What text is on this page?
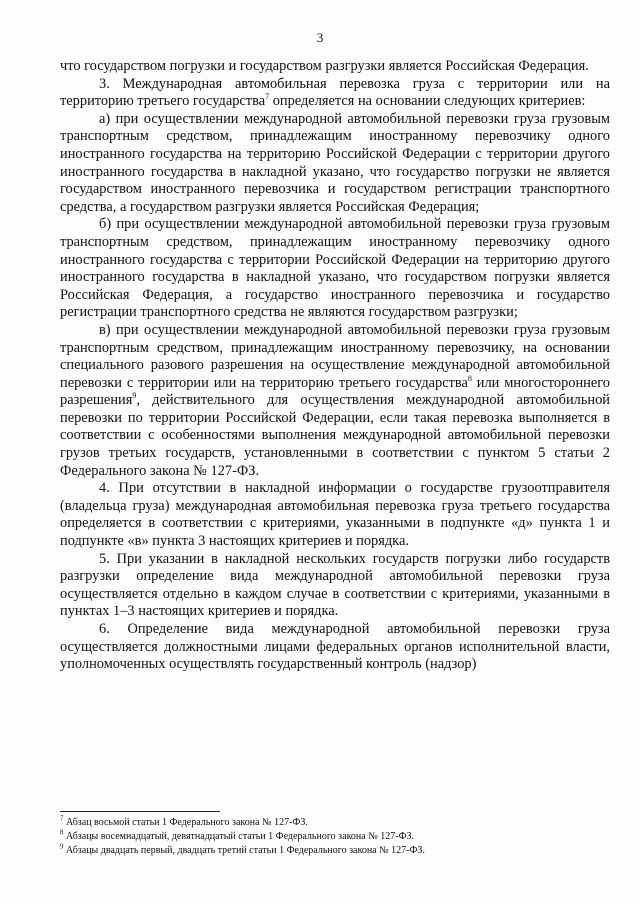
3

что государством погрузки и государством разгрузки является Российская Федерация.

3. Международная автомобильная перевозка груза с территории или на территорию третьего государства$^7$ определяется на основании следующих критериев:

а) при осуществлении международной автомобильной перевозки груза грузовым транспортным средством, принадлежащим иностранному перевозчику одного иностранного государства на территорию Российской Федерации с территории другого иностранного государства в накладной указано, что государство погрузки не является государством иностранного перевозчика и государством регистрации транспортного средства, а государством разгрузки является Российская Федерация;

б) при осуществлении международной автомобильной перевозки груза грузовым транспортным средством, принадлежащим иностранному перевозчику одного иностранного государства с территории Российской Федерации на территорию другого иностранного государства в накладной указано, что государством погрузки является Российская Федерация, а государство иностранного перевозчика и государство регистрации транспортного средства не являются государством разгрузки;

в) при осуществлении международной автомобильной перевозки груза грузовым транспортным средством, принадлежащим иностранному перевозчику, на основании специального разового разрешения на осуществление международной автомобильной перевозки с территории или на территорию третьего государства$^8$ или многостороннего разрешения$^9$, действительного для осуществления международной автомобильной перевозки по территории Российской Федерации, если такая перевозка выполняется в соответствии с особенностями выполнения международной автомобильной перевозки грузов третьих государств, установленными в соответствии с пунктом 5 статьи 2 Федерального закона № 127-ФЗ.

4. При отсутствии в накладной информации о государстве грузоотправителя (владельца груза) международная автомобильная перевозка груза третьего государства определяется в соответствии с критериями, указанными в подпункте «д» пункта 1 и подпункте «в» пункта 3 настоящих критериев и порядка.

5. При указании в накладной нескольких государств погрузки либо государств разгрузки определение вида международной автомобильной перевозки груза осуществляется отдельно в каждом случае в соответствии с критериями, указанными в пунктах 1–3 настоящих критериев и порядка.

6. Определение вида международной автомобильной перевозки груза осуществляется должностными лицами федеральных органов исполнительной власти, уполномоченных осуществлять государственный контроль (надзор)

$^7$ Абзац восьмой статьи 1 Федерального закона № 127-ФЗ.
$^8$ Абзацы восемнадцатый, девятнадцатый статьи 1 Федерального закона № 127-ФЗ.
$^9$ Абзацы двадцать первый, двадцать третий статьи 1 Федерального закона № 127-ФЗ.
